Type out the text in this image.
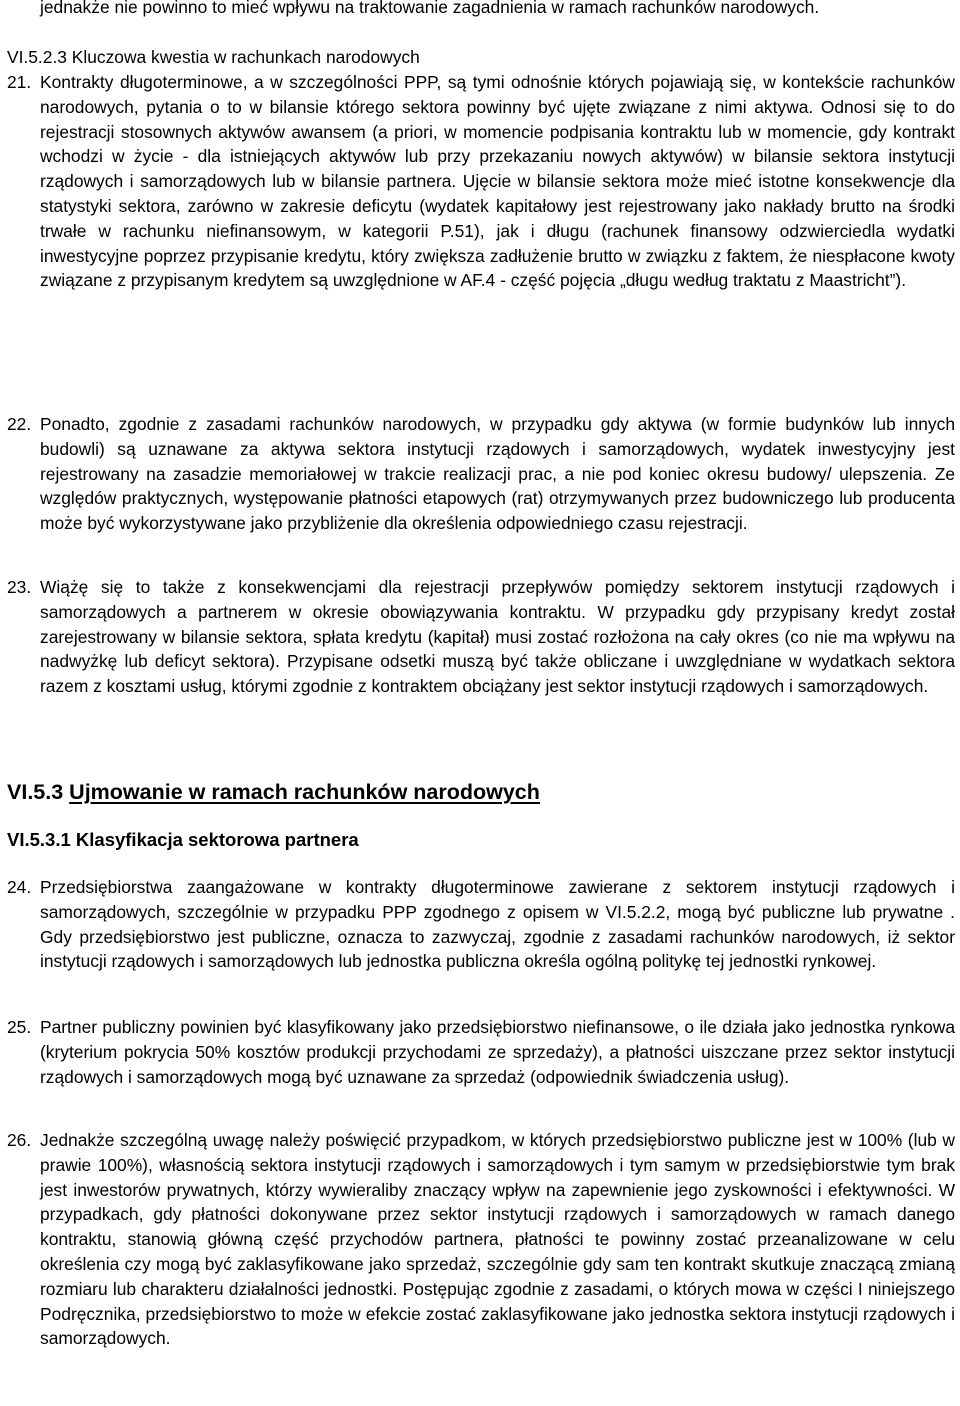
jednakże nie powinno to mieć wpływu na traktowanie zagadnienia w ramach rachunków narodowych.

VI.5.2.3 Kluczowa kwestia w rachunkach narodowych
21. Kontrakty długoterminowe, a w szczególności PPP, są tymi odnośnie których pojawiają się, w kontekście rachunków narodowych, pytania o to w bilansie którego sektora powinny być ujęte związane z nimi aktywa. Odnosi się to do rejestracji stosownych aktywów awansem (a priori, w momencie podpisania kontraktu lub w momencie, gdy kontrakt wchodzi w życie - dla istniejących aktywów lub przy przekazaniu nowych aktywów) w bilansie sektora instytucji rządowych i samorządowych lub w bilansie partnera. Ujęcie w bilansie sektora może mieć istotne konsekwencje dla statystyki sektora, zarówno w zakresie deficytu (wydatek kapitałowy jest rejestrowany jako nakłady brutto na środki trwałe w rachunku niefinansowym, w kategorii P.51), jak i długu (rachunek finansowy odzwierciedla wydatki inwestycyjne poprzez przypisanie kredytu, który zwiększa zadłużenie brutto w związku z faktem, że niespłacone kwoty związane z przypisanym kredytem są uwzględnione w AF.4 - część pojęcia „długu według traktatu z Maastricht”).

22. Ponadto, zgodnie z zasadami rachunków narodowych, w przypadku gdy aktywa (w formie budynków lub innych budowli) są uznawane za aktywa sektora instytucji rządowych i samorządowych, wydatek inwestycyjny jest rejestrowany na zasadzie memoriałowej w trakcie realizacji prac, a nie pod koniec okresu budowy/ ulepszenia. Ze względów praktycznych, występowanie płatności etapowych (rat) otrzymywanych przez budowniczego lub producenta może być wykorzystywane jako przybliżenie dla określenia odpowiedniego czasu rejestracji.

23. Wiążę się to także z konsekwencjami dla rejestracji przepływów pomiędzy sektorem instytucji rządowych i samorządowych a partnerem w okresie obowiązywania kontraktu. W przypadku gdy przypisany kredyt został zarejestrowany w bilansie sektora, spłata kredytu (kapitał) musi zostać rozłożona na cały okres (co nie ma wpływu na nadwyżkę lub deficyt sektora). Przypisane odsetki muszą być także obliczane i uwzględniane w wydatkach sektora razem z kosztami usług, którymi zgodnie z kontraktem obciążany jest sektor instytucji rządowych i samorządowych.

VI.5.3 Ujmowanie w ramach rachunków narodowych
VI.5.3.1 Klasyfikacja sektorowa partnera
24. Przedsiębiorstwa zaangażowane w kontrakty długoterminowe zawierane z sektorem instytucji rządowych i samorządowych, szczególnie w przypadku PPP zgodnego z opisem w VI.5.2.2, mogą być publiczne lub prywatne . Gdy przedsiębiorstwo jest publiczne, oznacza to zazwyczaj, zgodnie z zasadami rachunków narodowych, iż sektor instytucji rządowych i samorządowych lub jednostka publiczna określa ogólną politykę tej jednostki rynkowej.

25. Partner publiczny powinien być klasyfikowany jako przedsiębiorstwo niefinansowe, o ile działa jako jednostka rynkowa (kryterium pokrycia 50% kosztów produkcji przychodami ze sprzedaży), a płatności uiszczane przez sektor instytucji rządowych i samorządowych mogą być uznawane za sprzedaż (odpowiednik świadczenia usług).

26. Jednakże szczególną uwagę należy poświęcić przypadkom, w których przedsiębiorstwo publiczne jest w 100% (lub w prawie 100%), własnością sektora instytucji rządowych i samorządowych i tym samym w przedsiębiorstwie tym brak jest inwestorów prywatnych, którzy wywieraliby znaczący wpływ na zapewnienie jego zyskowności i efektywności. W przypadkach, gdy płatności dokonywane przez sektor instytucji rządowych i samorządowych w ramach danego kontraktu, stanowią główną część przychodów partnera, płatności te powinny zostać przeanalizowane w celu określenia czy mogą być zaklasyfikowane jako sprzedaż, szczególnie gdy sam ten kontrakt skutkuje znaczącą zmianą rozmiaru lub charakteru działalności jednostki. Postępując zgodnie z zasadami, o których mowa w części I niniejszego Podręcznika, przedsiębiorstwo to może w efekcie zostać zaklasyfikowane jako jednostka sektora instytucji rządowych i samorządowych.
